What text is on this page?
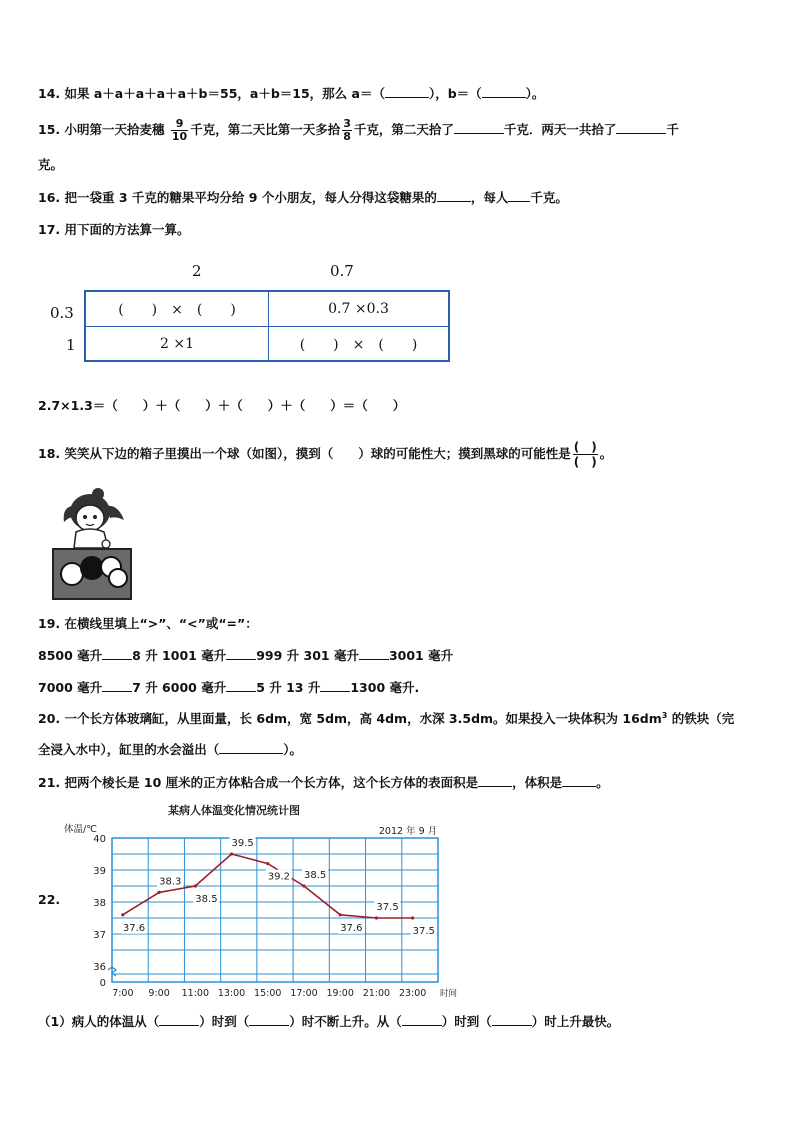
14. 如果 a＋a＋a＋a＋a＋b＝55，a＋b＝15，那么 a＝（	），b＝（	）。
15. 小明第一天拾麦穗 $\frac{9}{10}$ 千克，第二天比第一天多拾 $\frac{3}{8}$ 千克，第二天拾了	千克．两天一共拾了	千
克。
16. 把一袋重 3 千克的糖果平均分给 9 个小朋友，每人分得这袋糖果的	，每人 千克。
17. 用下面的方法算一算。
2	0.7
0.3
1
(　　)　×　(　　)	0.7 ×0.3
2 ×1	(　　)　×　(　　)
2.7×1.3＝（　　）＋（　　）＋（　　）＋（　　）＝（　　）
18. 笑笑从下边的箱子里摸出一个球（如图），摸到（　　）球的可能性大；摸到黑球的可能性是 $\frac{( )}{( )}$ 。
19. 在横线里填上“>”、“<”或“=”：
8500 毫升 8 升 1001 毫升 999 升 301 毫升 3001 毫升
7000 毫升 7 升 6000 毫升 5 升 13 升 1300 毫升.
20. 一个长方体玻璃缸，从里面量，长 6dm，宽 5dm，高 4dm，水深 3.5dm。如果投入一块体积为 $16dm^3$ 的铁块（完
全浸入水中），缸里的水会溢出（	）。
21. 把两个棱长是 10 厘米的正方体粘合成一个长方体，这个长方体的表面积是	，体积是	。
22.
某病人体温变化情况统计图
2012 年 9 月
体温/℃
40
39
38
37
36
0
7:00 9:00 11:00 13:00 15:00 17:00 19:00 21:00 23:00 时间
37.6
38.3
38.5
39.5
39.2 38.5
37.6
37.5
37.5
（1）病人的体温从（	）时到（	）时不断上升。从（	）时到（	）时上升最快。
